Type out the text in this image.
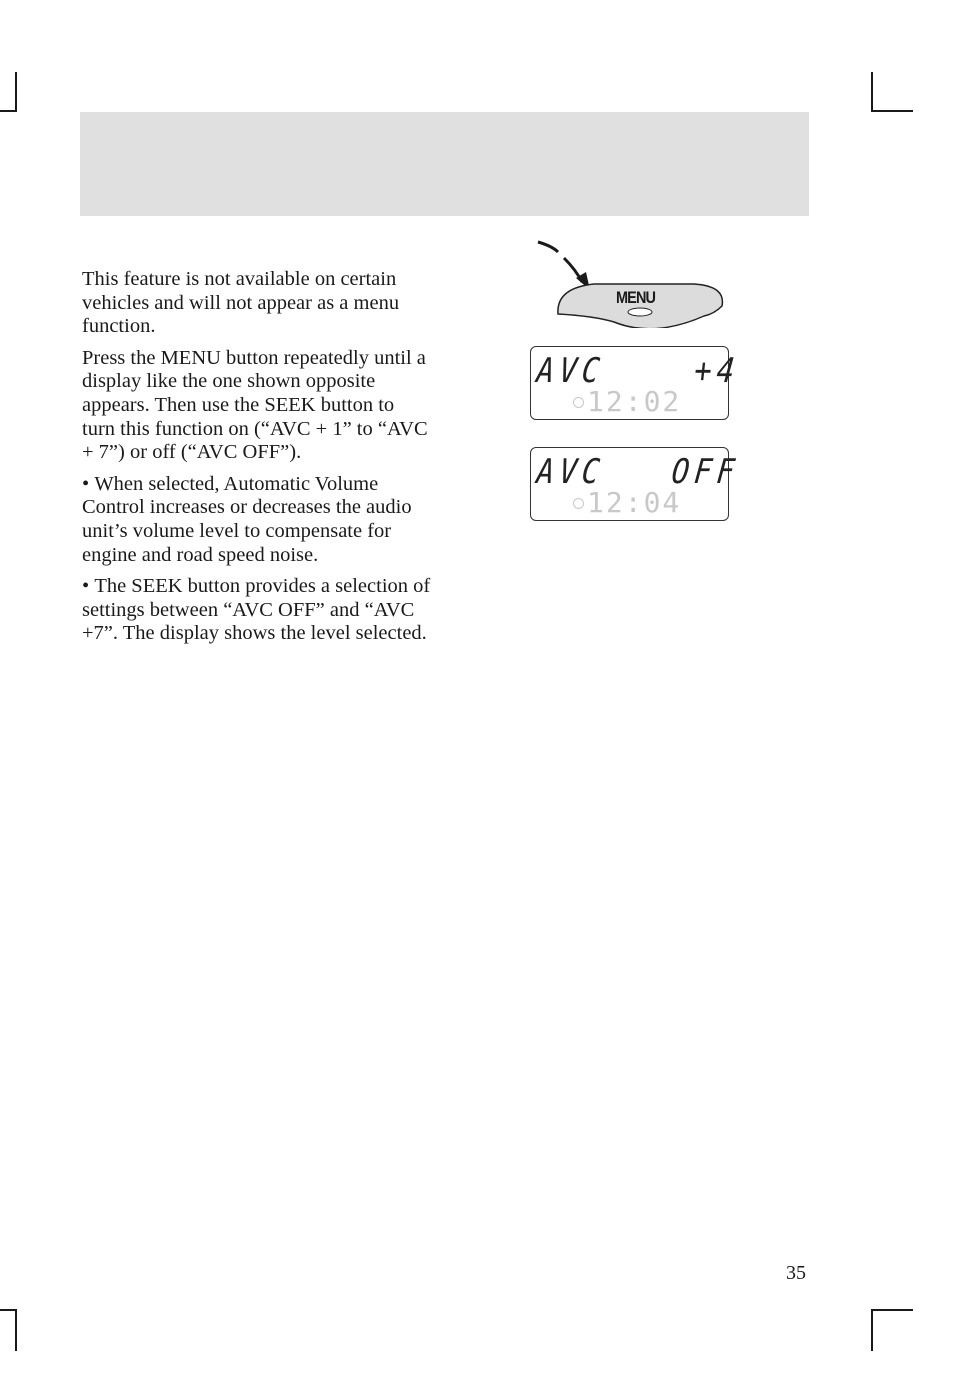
This feature is not available on certain vehicles and will not appear as a menu function.

Press the MENU button repeatedly until a display like the one shown opposite appears. Then use the SEEK button to turn this function on (“AVC + 1” to “AVC + 7”) or off (“AVC OFF”).

• When selected, Automatic Volume Control increases or decreases the audio unit’s volume level to compensate for engine and road speed noise.

• The SEEK button provides a selection of settings between “AVC OFF” and “AVC +7”. The display shows the level selected.

MENU
AVC    +4
12:02
AVC   OFF
12:04
35
